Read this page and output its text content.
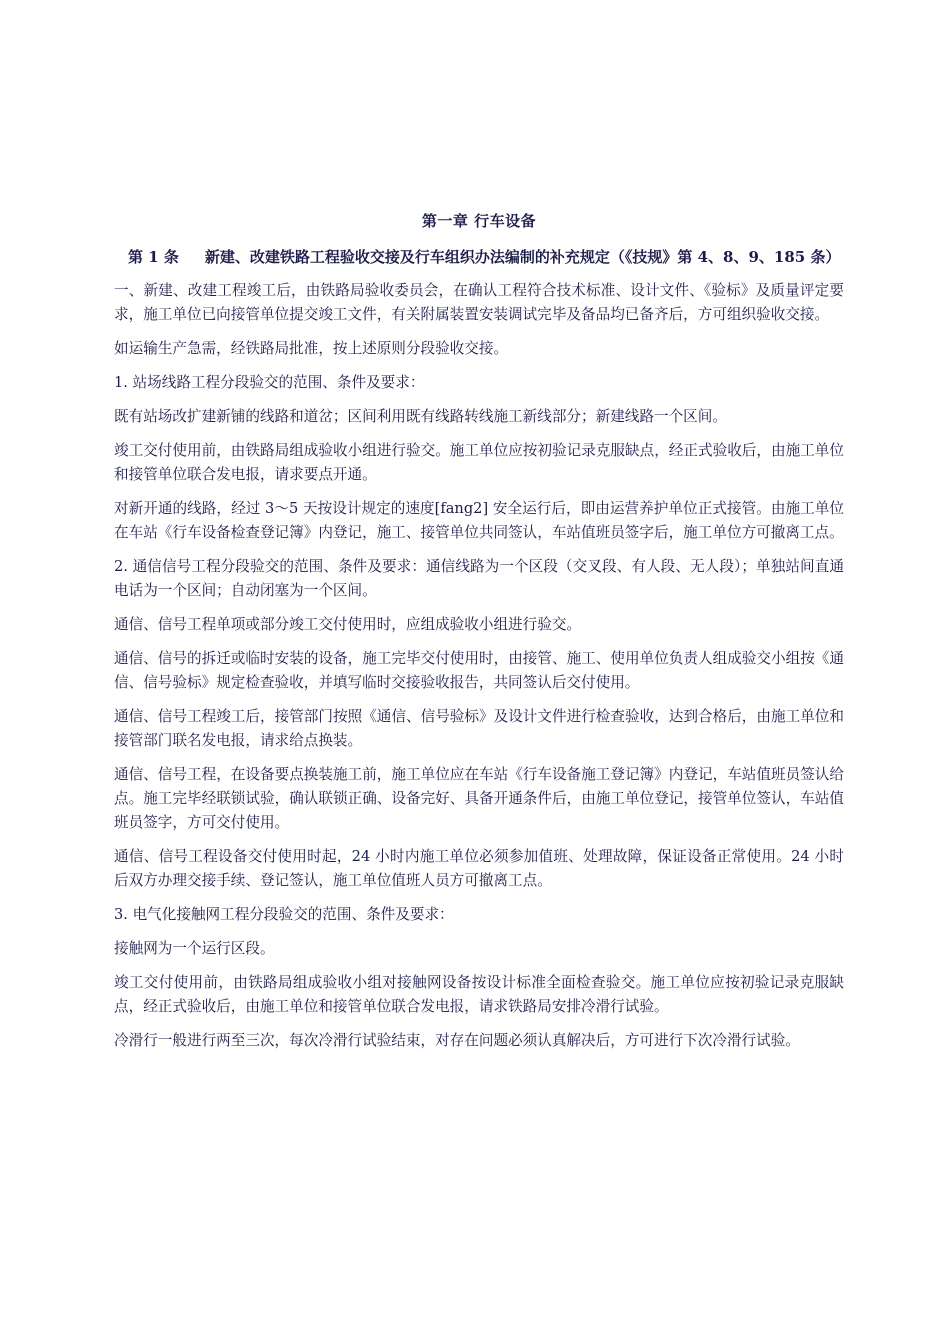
第一章 行车设备
第 1 条 新建、改建铁路工程验收交接及行车组织办法编制的补充规定（《技规》第 4、8、9、185 条）

一、新建、改建工程竣工后，由铁路局验收委员会，在确认工程符合技术标准、设计文件、《验标》及质量评定要求，施工单位已向接管单位提交竣工文件，有关附属装置安装调试完毕及备品均已备齐后，方可组织验收交接。

如运输生产急需，经铁路局批准，按上述原则分段验收交接。

1. 站场线路工程分段验交的范围、条件及要求：

既有站场改扩建新铺的线路和道岔；区间利用既有线路转线施工新线部分；新建线路一个区间。

竣工交付使用前，由铁路局组成验收小组进行验交。施工单位应按初验记录克服缺点，经正式验收后，由施工单位和接管单位联合发电报，请求要点开通。

对新开通的线路，经过 3～5 天按设计规定的速度[fang2] 安全运行后，即由运营养护单位正式接管。由施工单位在车站《行车设备检查登记簿》内登记，施工、接管单位共同签认，车站值班员签字后，施工单位方可撤离工点。

2. 通信信号工程分段验交的范围、条件及要求：通信线路为一个区段（交叉段、有人段、无人段）；单独站间直通电话为一个区间；自动闭塞为一个区间。

通信、信号工程单项或部分竣工交付使用时，应组成验收小组进行验交。

通信、信号的拆迁或临时安装的设备，施工完毕交付使用时，由接管、施工、使用单位负责人组成验交小组按《通信、信号验标》规定检查验收，并填写临时交接验收报告，共同签认后交付使用。

通信、信号工程竣工后，接管部门按照《通信、信号验标》及设计文件进行检查验收，达到合格后，由施工单位和接管部门联名发电报，请求给点换装。

通信、信号工程，在设备要点换装施工前，施工单位应在车站《行车设备施工登记簿》内登记，车站值班员签认给点。施工完毕经联锁试验，确认联锁正确、设备完好、具备开通条件后，由施工单位登记，接管单位签认，车站值班员签字，方可交付使用。

通信、信号工程设备交付使用时起，24 小时内施工单位必须参加值班、处理故障，保证设备正常使用。24 小时后双方办理交接手续、登记签认，施工单位值班人员方可撤离工点。

3. 电气化接触网工程分段验交的范围、条件及要求：

接触网为一个运行区段。

竣工交付使用前，由铁路局组成验收小组对接触网设备按设计标准全面检查验交。施工单位应按初验记录克服缺点，经正式验收后，由施工单位和接管单位联合发电报，请求铁路局安排冷滑行试验。

冷滑行一般进行两至三次，每次冷滑行试验结束，对存在问题必须认真解决后，方可进行下次冷滑行试验。
